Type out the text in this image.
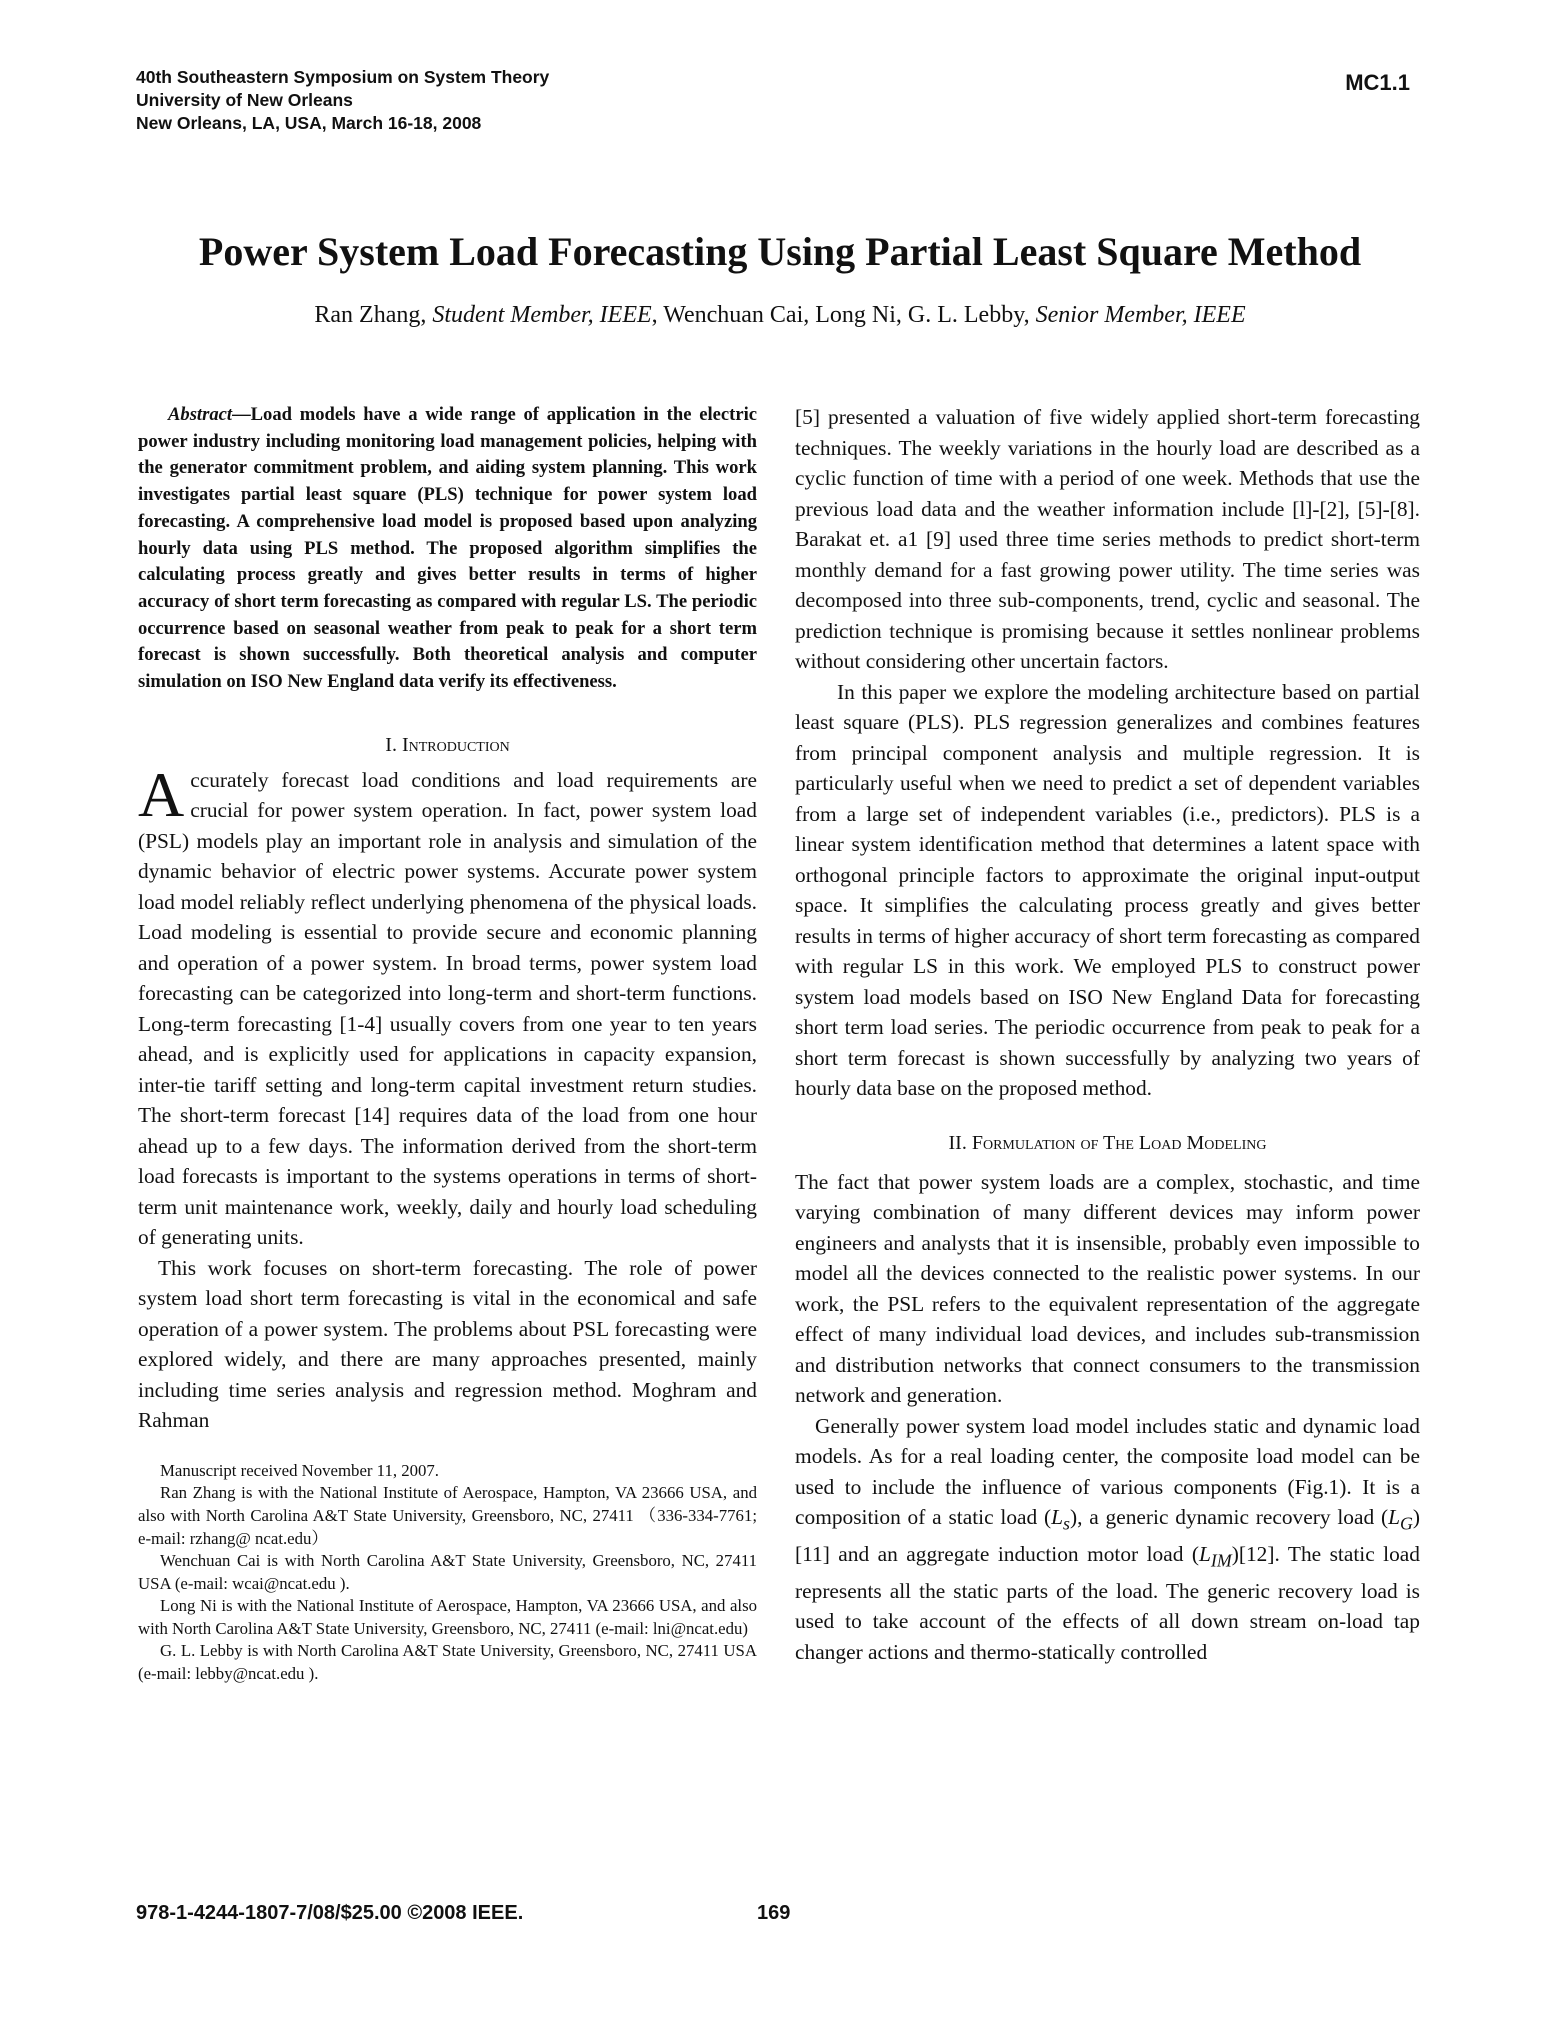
40th Southeastern Symposium on System Theory
University of New Orleans
New Orleans, LA, USA, March 16-18, 2008
MC1.1
Power System Load Forecasting Using Partial Least Square Method
Ran Zhang, Student Member, IEEE, Wenchuan Cai, Long Ni, G. L. Lebby, Senior Member, IEEE

Abstract—Load models have a wide range of application in the electric power industry including monitoring load management policies, helping with the generator commitment problem, and aiding system planning. This work investigates partial least square (PLS) technique for power system load forecasting. A comprehensive load model is proposed based upon analyzing hourly data using PLS method. The proposed algorithm simplifies the calculating process greatly and gives better results in terms of higher accuracy of short term forecasting as compared with regular LS. The periodic occurrence based on seasonal weather from peak to peak for a short term forecast is shown successfully. Both theoretical analysis and computer simulation on ISO New England data verify its effectiveness.

I. Introduction

Accurately forecast load conditions and load requirements are crucial for power system operation. In fact, power system load (PSL) models play an important role in analysis and simulation of the dynamic behavior of electric power systems. Accurate power system load model reliably reflect underlying phenomena of the physical loads. Load modeling is essential to provide secure and economic planning and operation of a power system. In broad terms, power system load forecasting can be categorized into long-term and short-term functions. Long-term forecasting [1-4] usually covers from one year to ten years ahead, and is explicitly used for applications in capacity expansion, inter-tie tariff setting and long-term capital investment return studies. The short-term forecast [14] requires data of the load from one hour ahead up to a few days. The information derived from the short-term load forecasts is important to the systems operations in terms of short-term unit maintenance work, weekly, daily and hourly load scheduling of generating units.

This work focuses on short-term forecasting. The role of power system load short term forecasting is vital in the economical and safe operation of a power system. The problems about PSL forecasting were explored widely, and there are many approaches presented, mainly including time series analysis and regression method. Moghram and Rahman

Manuscript received November 11, 2007.

Ran Zhang is with the National Institute of Aerospace, Hampton, VA 23666 USA, and also with North Carolina A&T State University, Greensboro, NC, 27411 （336-334-7761; e-mail: rzhang@ ncat.edu）

Wenchuan Cai is with North Carolina A&T State University, Greensboro, NC, 27411 USA (e-mail: wcai@ncat.edu ).

Long Ni is with the National Institute of Aerospace, Hampton, VA 23666 USA, and also with North Carolina A&T State University, Greensboro, NC, 27411 (e-mail: lni@ncat.edu)

G. L. Lebby is with North Carolina A&T State University, Greensboro, NC, 27411 USA (e-mail: lebby@ncat.edu ).

[5] presented a valuation of five widely applied short-term forecasting techniques. The weekly variations in the hourly load are described as a cyclic function of time with a period of one week. Methods that use the previous load data and the weather information include [l]-[2], [5]-[8]. Barakat et. a1 [9] used three time series methods to predict short-term monthly demand for a fast growing power utility. The time series was decomposed into three sub-components, trend, cyclic and seasonal. The prediction technique is promising because it settles nonlinear problems without considering other uncertain factors.

In this paper we explore the modeling architecture based on partial least square (PLS). PLS regression generalizes and combines features from principal component analysis and multiple regression. It is particularly useful when we need to predict a set of dependent variables from a large set of independent variables (i.e., predictors). PLS is a linear system identification method that determines a latent space with orthogonal principle factors to approximate the original input-output space. It simplifies the calculating process greatly and gives better results in terms of higher accuracy of short term forecasting as compared with regular LS in this work. We employed PLS to construct power system load models based on ISO New England Data for forecasting short term load series. The periodic occurrence from peak to peak for a short term forecast is shown successfully by analyzing two years of hourly data base on the proposed method.

II. Formulation of The Load Modeling

The fact that power system loads are a complex, stochastic, and time varying combination of many different devices may inform power engineers and analysts that it is insensible, probably even impossible to model all the devices connected to the realistic power systems. In our work, the PSL refers to the equivalent representation of the aggregate effect of many individual load devices, and includes sub-transmission and distribution networks that connect consumers to the transmission network and generation.

Generally power system load model includes static and dynamic load models. As for a real loading center, the composite load model can be used to include the influence of various components (Fig.1). It is a composition of a static load $(L_s)$, a generic dynamic recovery load $(L_G)$ [11] and an aggregate induction motor load $(L_{IM})[12]$. The static load represents all the static parts of the load. The generic recovery load is used to take account of the effects of all down stream on-load tap changer actions and thermo-statically controlled

978-1-4244-1807-7/08/$25.00 ©2008 IEEE.	169
